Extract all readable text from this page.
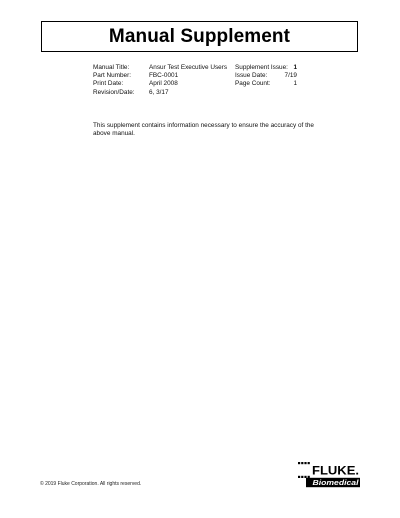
Manual Supplement
Manual Title:
Part Number:
Print Date:
Revision/Date:
Ansur Test Executive Users
FBC-0001
April 2008
6, 3/17
Supplement Issue:
Issue Date:
Page Count:
1
7/19
1
This supplement contains information necessary to ensure the accuracy of the above manual.
© 2019 Fluke Corporation. All rights reserved.
FLUKE.
Biomedical
